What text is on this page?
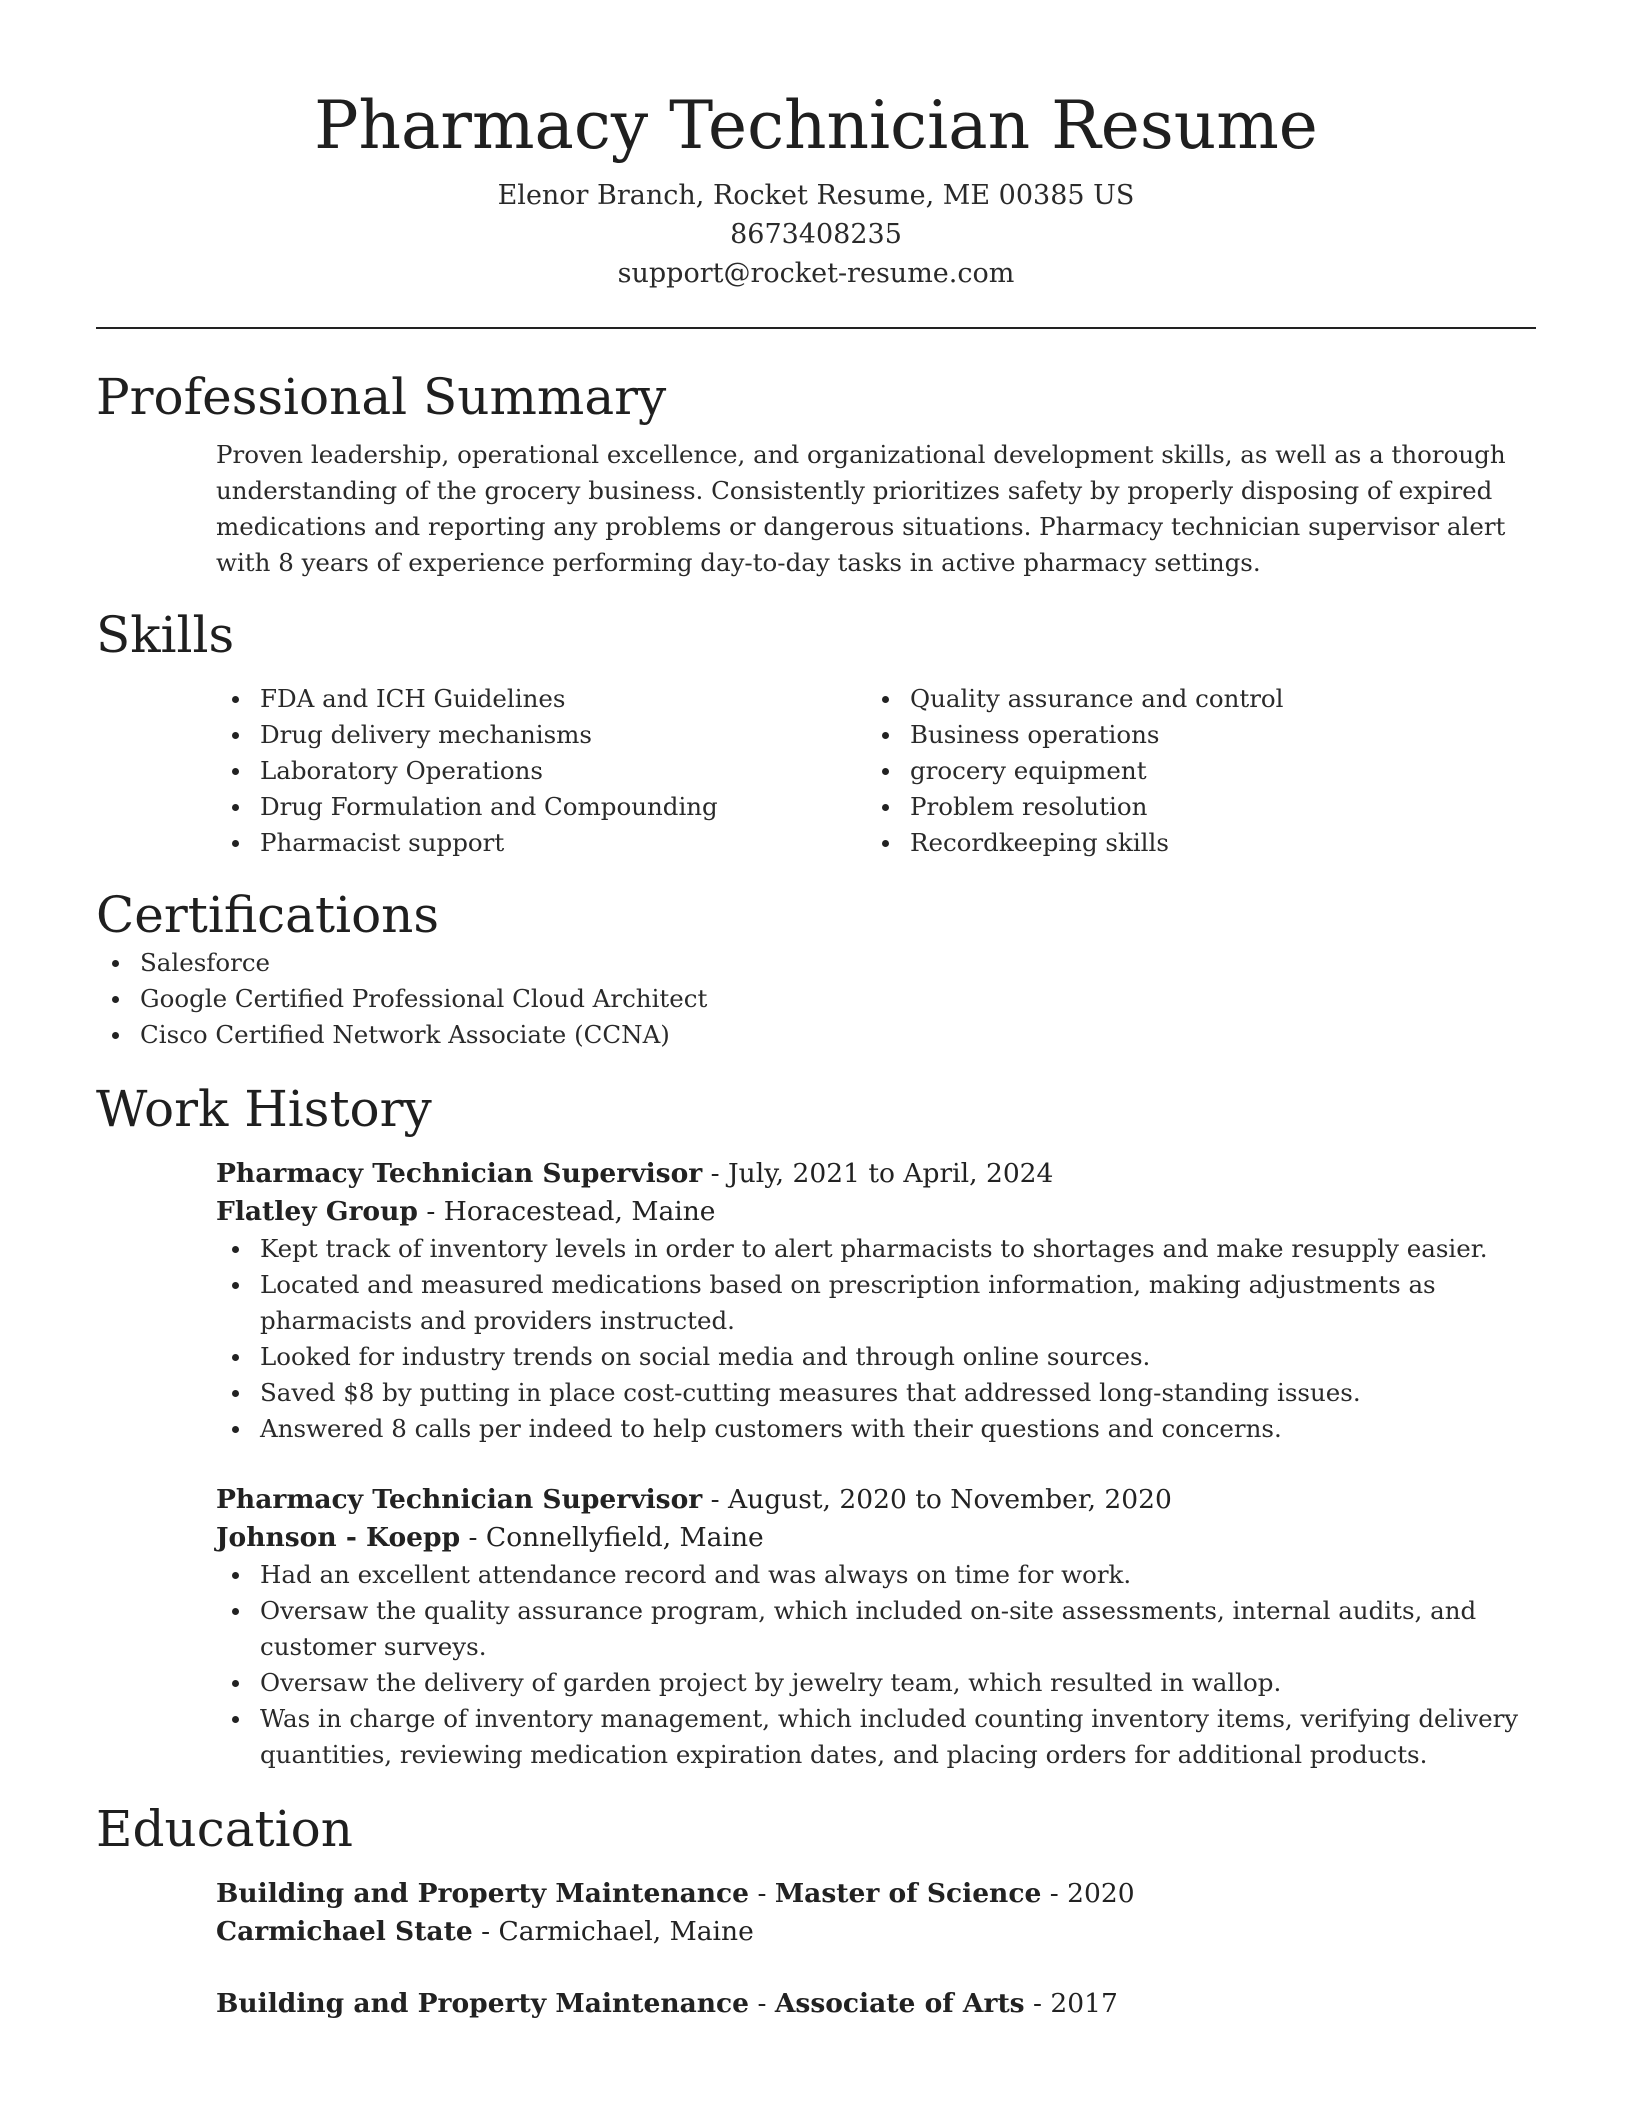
Pharmacy Technician Resume
Elenor Branch, Rocket Resume, ME 00385 US
8673408235
support@rocket-resume.com
Professional Summary

Proven leadership, operational excellence, and organizational development skills, as well as a thorough understanding of the grocery business. Consistently prioritizes safety by properly disposing of expired medications and reporting any problems or dangerous situations. Pharmacy technician supervisor alert with 8 years of experience performing day-to-day tasks in active pharmacy settings.

Skills
FDA and ICH Guidelines
Drug delivery mechanisms
Laboratory Operations
Drug Formulation and Compounding
Pharmacist support
Quality assurance and control
Business operations
grocery equipment
Problem resolution
Recordkeeping skills
Certifications
Salesforce
Google Certified Professional Cloud Architect
Cisco Certified Network Associate (CCNA)
Work History
Pharmacy Technician Supervisor - July, 2021 to April, 2024
Flatley Group - Horacestead, Maine
Kept track of inventory levels in order to alert pharmacists to shortages and make resupply easier.
Located and measured medications based on prescription information, making adjustments as pharmacists and providers instructed.
Looked for industry trends on social media and through online sources.
Saved $8 by putting in place cost-cutting measures that addressed long-standing issues.
Answered 8 calls per indeed to help customers with their questions and concerns.
Pharmacy Technician Supervisor - August, 2020 to November, 2020
Johnson - Koepp - Connellyfield, Maine
Had an excellent attendance record and was always on time for work.
Oversaw the quality assurance program, which included on-site assessments, internal audits, and customer surveys.
Oversaw the delivery of garden project by jewelry team, which resulted in wallop.
Was in charge of inventory management, which included counting inventory items, verifying delivery quantities, reviewing medication expiration dates, and placing orders for additional products.
Education
Building and Property Maintenance - Master of Science - 2020
Carmichael State - Carmichael, Maine
Building and Property Maintenance - Associate of Arts - 2017
